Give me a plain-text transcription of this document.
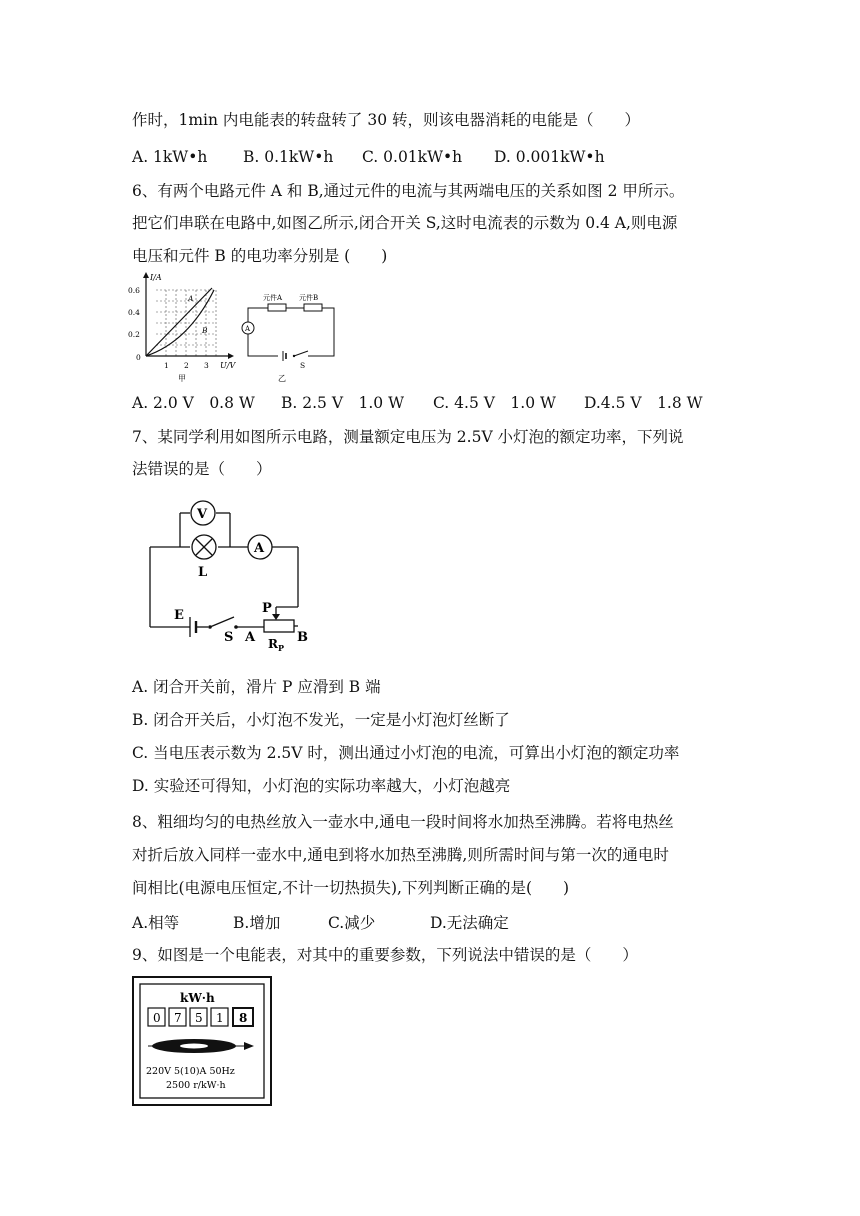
作时，1min 内电能表的转盘转了 30 转，则该电器消耗的电能是（　　）
A. 1kW•h B. 0.1kW•h C. 0.01kW•h D. 0.001kW•h
6、有两个电路元件 A 和 B,通过元件的电流与其两端电压的关系如图 2 甲所示。
把它们串联在电路中,如图乙所示,闭合开关 S,这时电流表的示数为 0.4 A,则电源
电压和元件 B 的电功率分别是 (　　)
I/A
U/V
0.6
0.4
0.2
0
1 2 3
A
B
甲
A
S
元件A 元件B
乙
A. 2.0 V　0.8 W B. 2.5 V　1.0 W C. 4.5 V　1.0 W D.4.5 V　1.8 W
7、某同学利用如图所示电路，测量额定电压为 2.5V 小灯泡的额定功率，下列说
法错误的是（　　）
V
L
A
E
S
P
A	B
$R_P$
A. 闭合开关前，滑片 P 应滑到 B 端
B. 闭合开关后，小灯泡不发光，一定是小灯泡灯丝断了
C. 当电压表示数为 2.5V 时，测出通过小灯泡的电流，可算出小灯泡的额定功率
D. 实验还可得知，小灯泡的实际功率越大，小灯泡越亮
8、粗细均匀的电热丝放入一壶水中,通电一段时间将水加热至沸腾。若将电热丝
对折后放入同样一壶水中,通电到将水加热至沸腾,则所需时间与第一次的通电时
间相比(电源电压恒定,不计一切热损失),下列判断正确的是(　　)
A.相等	B.增加	C.减少	D.无法确定
9、如图是一个电能表，对其中的重要参数，下列说法中错误的是（　　）
kW·h
0 7 5 1 8
220V 5(10)A 50Hz
2500 r/kW·h
